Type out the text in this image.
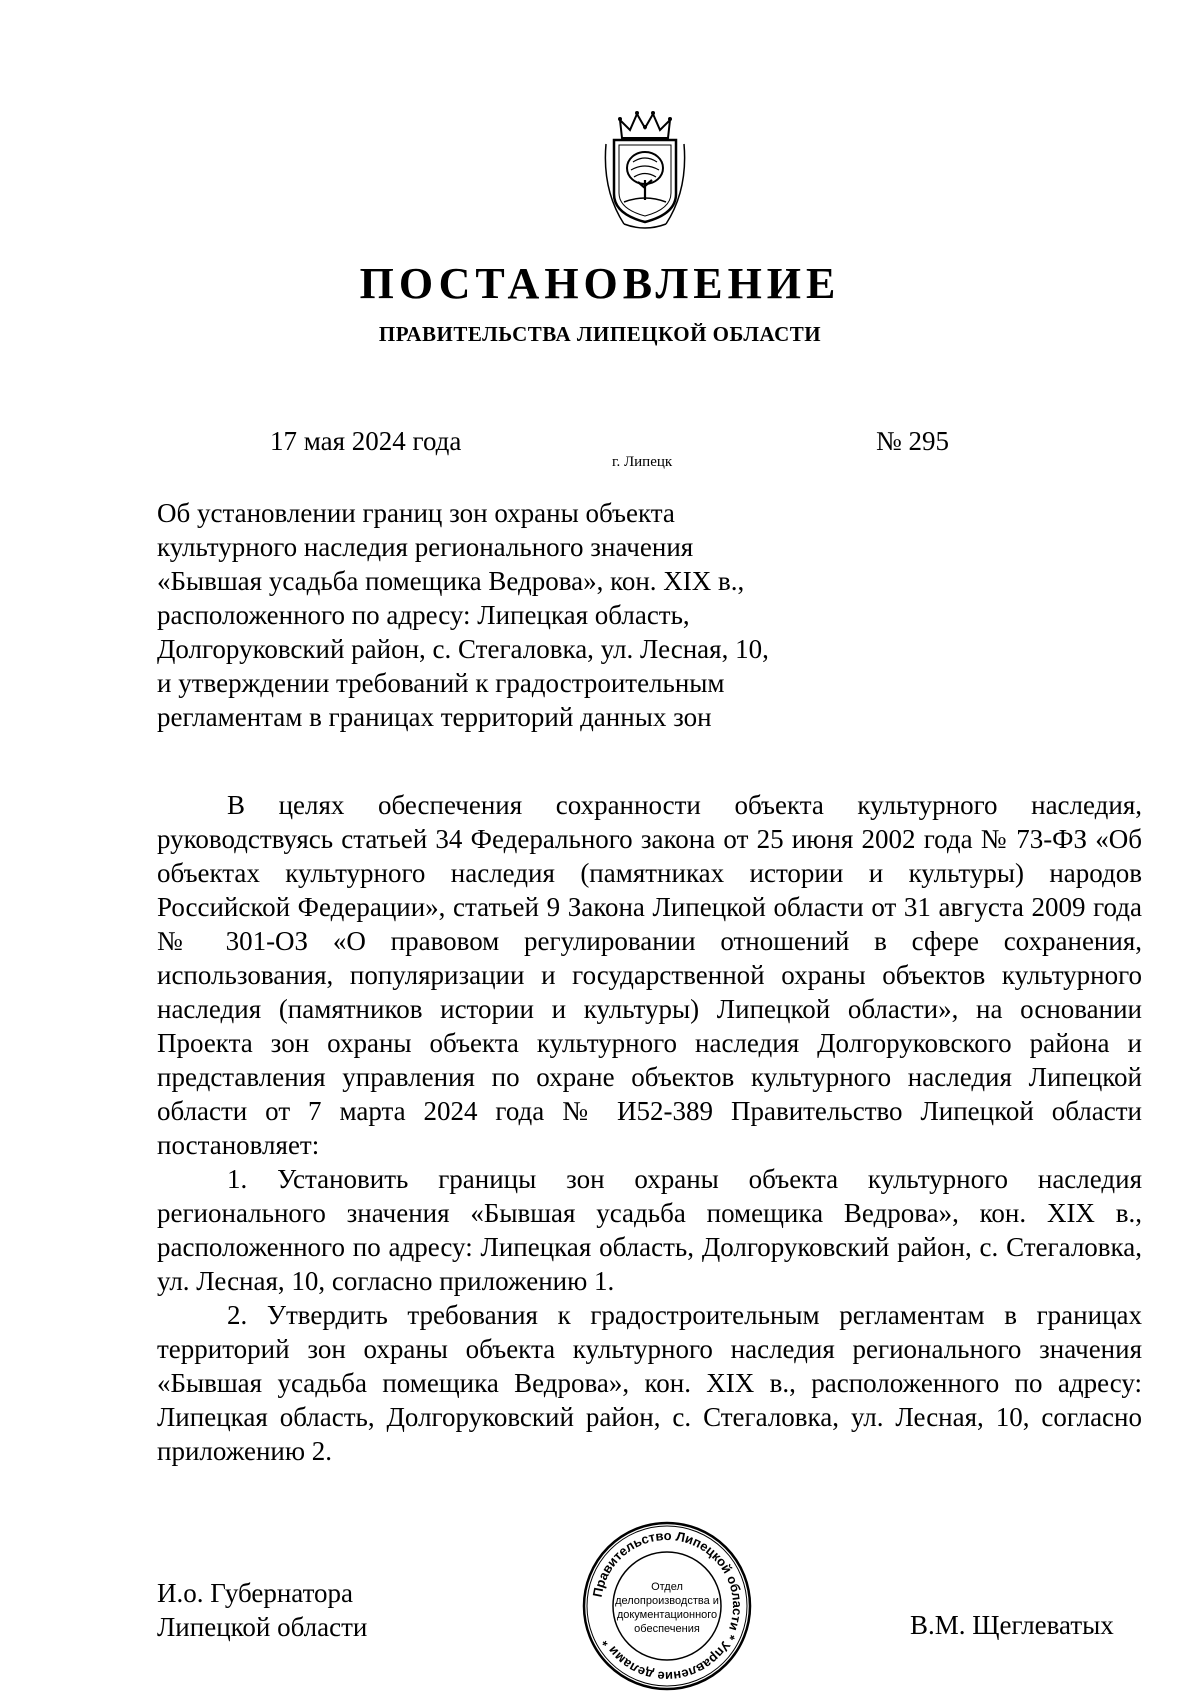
ПОСТАНОВЛЕНИЕ
ПРАВИТЕЛЬСТВА ЛИПЕЦКОЙ ОБЛАСТИ
17 мая 2024 года
г. Липецк
№ 295
Об установлении границ зон охраны объекта
культурного наследия регионального значения
«Бывшая усадьба помещика Ведрова», кон. XIX в.,
расположенного по адресу: Липецкая область,
Долгоруковский район, с. Стегаловка, ул. Лесная, 10,
и утверждении требований к градостроительным
регламентам в границах территорий данных зон

В целях обеспечения сохранности объекта культурного наследия, руководствуясь статьей 34 Федерального закона от 25 июня 2002 года № 73-ФЗ «Об объектах культурного наследия (памятниках истории и культуры) народов Российской Федерации», статьей 9 Закона Липецкой области от 31 августа 2009 года № 301-ОЗ «О правовом регулировании отношений в сфере сохранения, использования, популяризации и государственной охраны объектов культурного наследия (памятников истории и культуры) Липецкой области», на основании Проекта зон охраны объекта культурного наследия Долгоруковского района и представления управления по охране объектов культурного наследия Липецкой области от 7 марта 2024 года № И52-389 Правительство Липецкой области постановляет:

1. Установить границы зон охраны объекта культурного наследия регионального значения «Бывшая усадьба помещика Ведрова», кон. XIX в., расположенного по адресу: Липецкая область, Долгоруковский район, с. Стегаловка, ул. Лесная, 10, согласно приложению 1.

2. Утвердить требования к градостроительным регламентам в границах территорий зон охраны объекта культурного наследия регионального значения «Бывшая усадьба помещика Ведрова», кон. XIX в., расположенного по адресу: Липецкая область, Долгоруковский район, с. Стегаловка, ул. Лесная, 10, согласно приложению 2.

И.о. Губернатора
Липецкой области	В.М. Щеглеватых
Правительство Липецкой области * Управление делами *
Отдел
делопроизводства и
документационного
обеспечения
